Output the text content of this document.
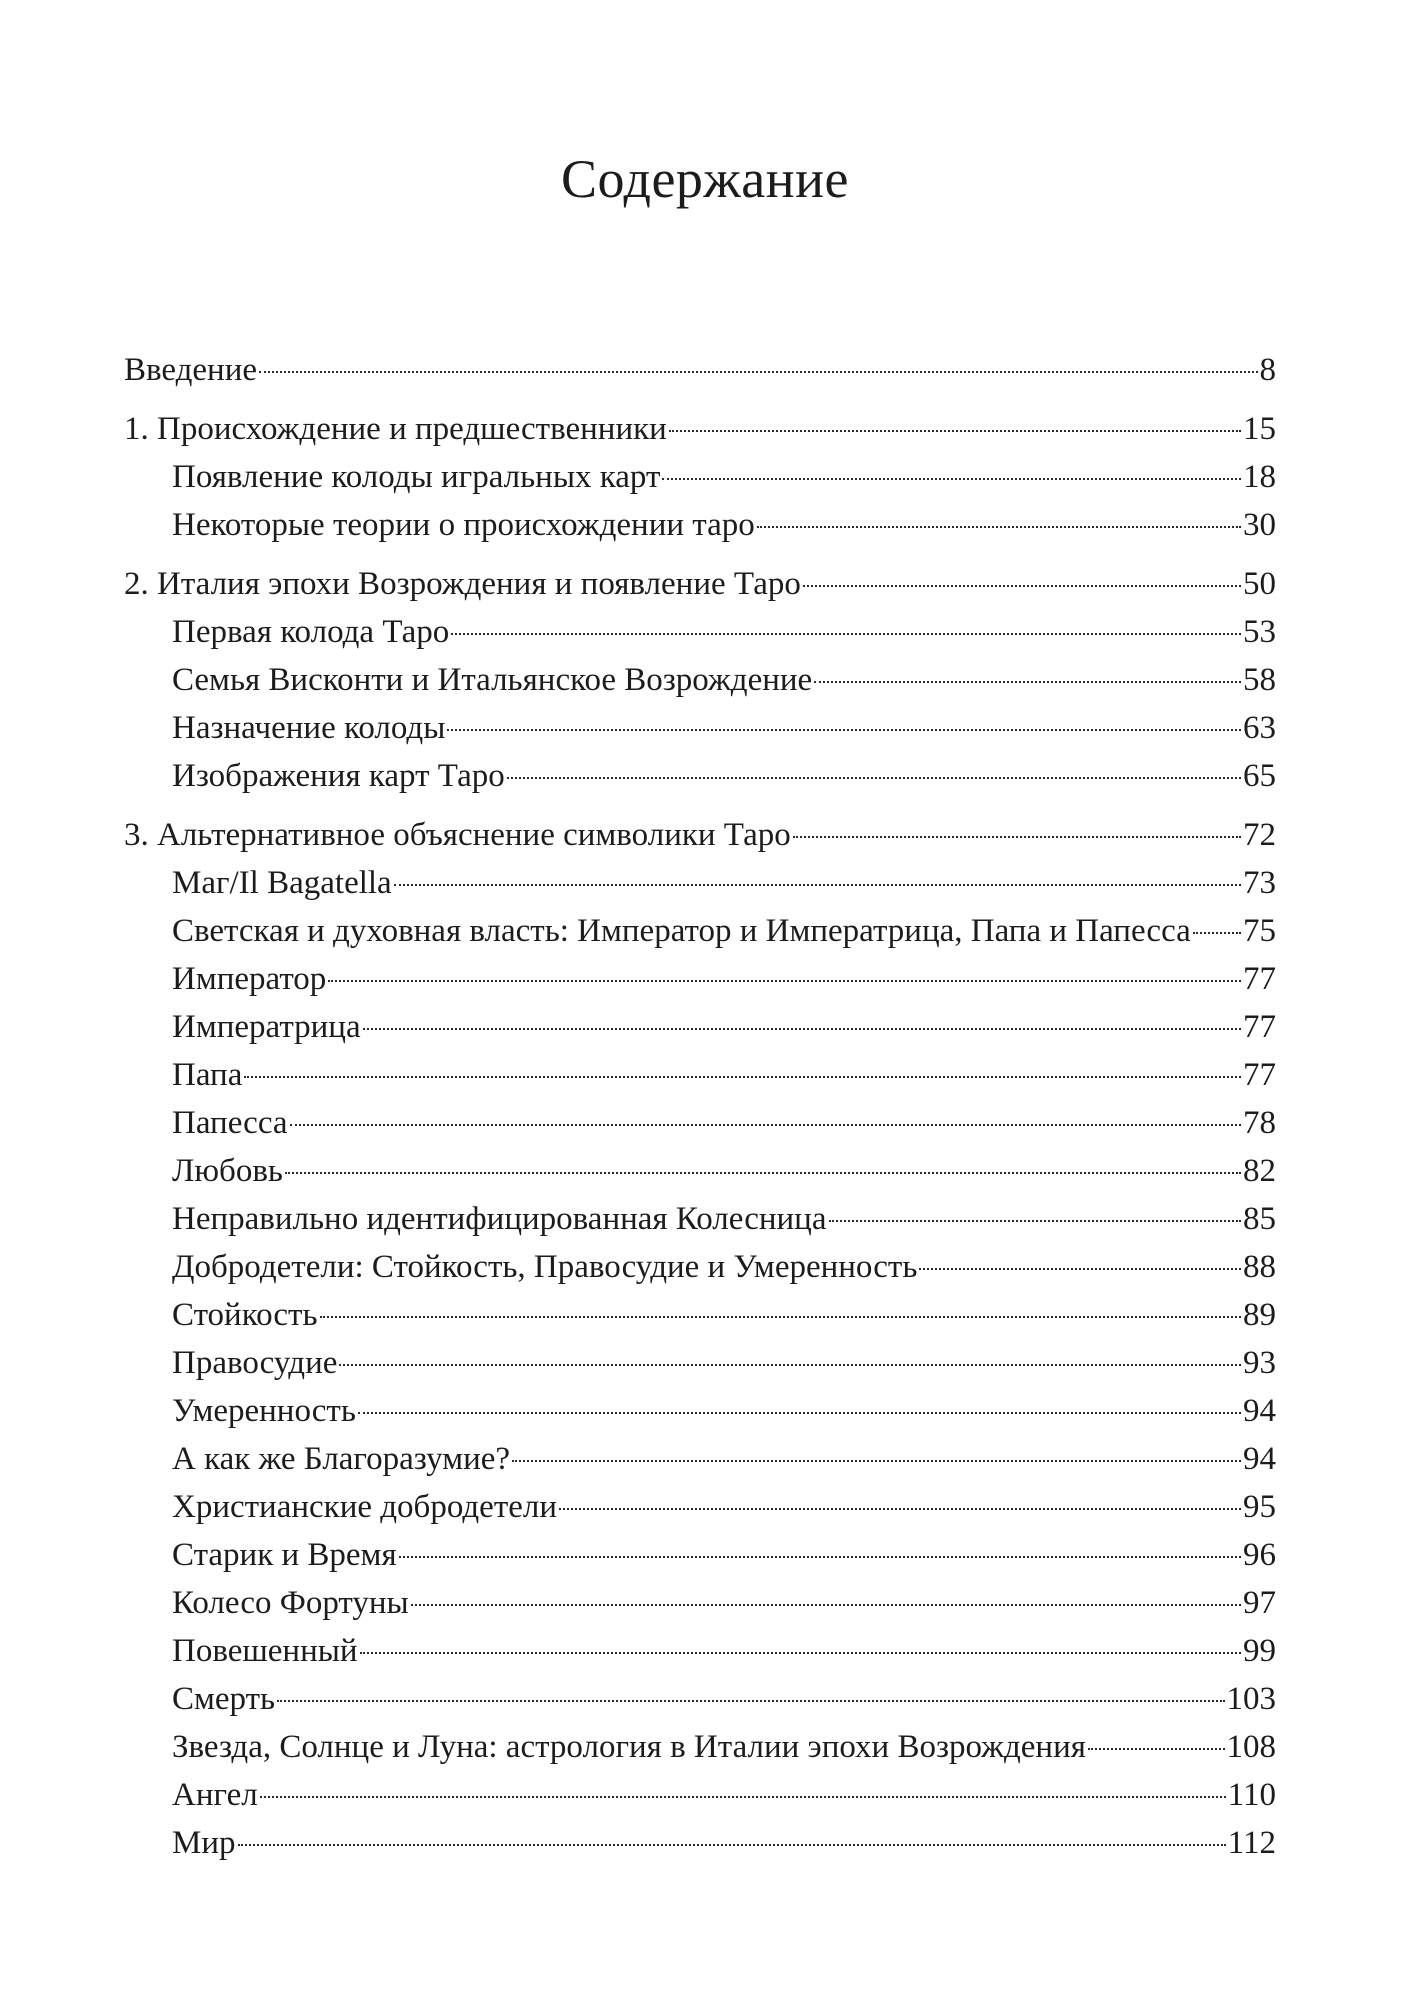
Содержание
Введение	8
1. Происхождение и предшественники	15
Появление колоды игральных карт	18
Некоторые теории о происхождении таро	30
2. Италия эпохи Возрождения и появление Таро	50
Первая колода Таро	53
Семья Висконти и Итальянское Возрождение	58
Назначение колоды	63
Изображения карт Таро	65
3. Альтернативное объяснение символики Таро	72
Маг/Il Bagatella	73
Светская и духовная власть: Император и Императрица, Папа и Папесса 75
Император	77
Императрица	77
Папа	77
Папесса	78
Любовь	82
Неправильно идентифицированная Колесница	85
Добродетели: Стойкость, Правосудие и Умеренность	88
Стойкость	89
Правосудие	93
Умеренность	94
А как же Благоразумие?	94
Христианские добродетели	95
Старик и Время	96
Колесо Фортуны	97
Повешенный	99
Смерть	103
Звезда, Солнце и Луна: астрология в Италии эпохи Возрождения	108
Ангел	110
Мир	112
